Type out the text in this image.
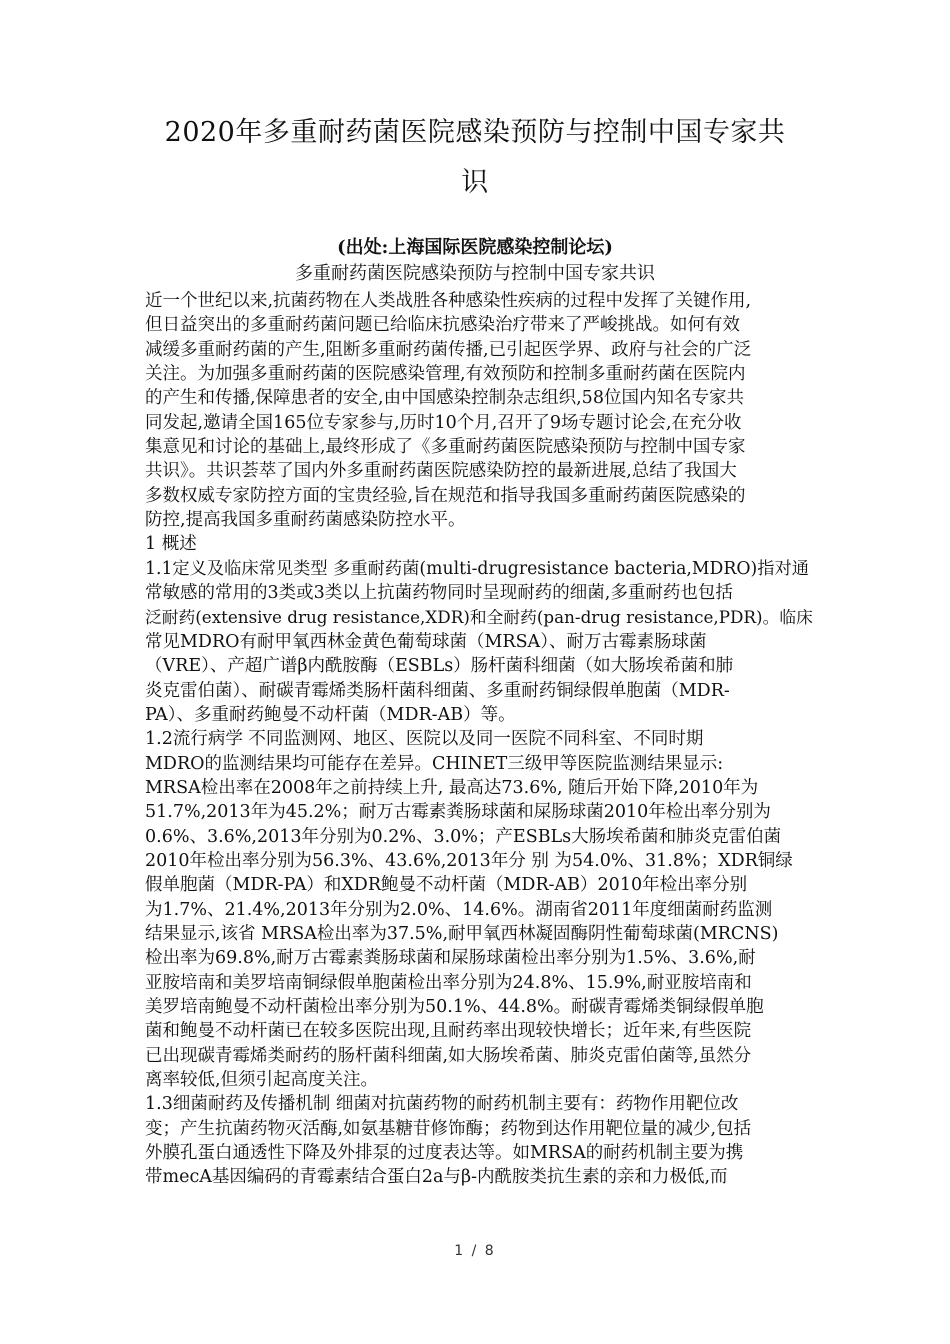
2020年多重耐药菌医院感染预防与控制中国专家共
识
(出处:上海国际医院感染控制论坛)
多重耐药菌医院感染预防与控制中国专家共识
近一个世纪以来,抗菌药物在人类战胜各种感染性疾病的过程中发挥了关键作用,
但日益突出的多重耐药菌问题已给临床抗感染治疗带来了严峻挑战。如何有效
减缓多重耐药菌的产生,阻断多重耐药菌传播,已引起医学界、政府与社会的广泛
关注。为加强多重耐药菌的医院感染管理,有效预防和控制多重耐药菌在医院内
的产生和传播,保障患者的安全,由中国感染控制杂志组织,58位国内知名专家共
同发起,邀请全国165位专家参与,历时10个月,召开了9场专题讨论会,在充分收
集意见和讨论的基础上,最终形成了《多重耐药菌医院感染预防与控制中国专家
共识》。共识荟萃了国内外多重耐药菌医院感染防控的最新进展,总结了我国大
多数权威专家防控方面的宝贵经验,旨在规范和指导我国多重耐药菌医院感染的
防控,提高我国多重耐药菌感染防控水平。
1 概述
1.1定义及临床常见类型 多重耐药菌(multi-drugresistance bacteria,MDRO)指对通
常敏感的常用的3类或3类以上抗菌药物同时呈现耐药的细菌,多重耐药也包括
泛耐药(extensive drug resistance,XDR)和全耐药(pan-drug resistance,PDR)。临床
常见MDRO有耐甲氧西林金黄色葡萄球菌（MRSA）、耐万古霉素肠球菌
（VRE）、产超广谱β内酰胺酶（ESBLs）肠杆菌科细菌（如大肠埃希菌和肺
炎克雷伯菌）、耐碳青霉烯类肠杆菌科细菌、多重耐药铜绿假单胞菌（MDR-
PA）、多重耐药鲍曼不动杆菌（MDR-AB）等。
1.2流行病学 不同监测网、地区、医院以及同一医院不同科室、不同时期
MDRO的监测结果均可能存在差异。CHINET三级甲等医院监测结果显示:
MRSA检出率在2008年之前持续上升, 最高达73.6%, 随后开始下降,2010年为
51.7%,2013年为45.2%；耐万古霉素粪肠球菌和屎肠球菌2010年检出率分别为
0.6%、3.6%,2013年分别为0.2%、3.0%；产ESBLs大肠埃希菌和肺炎克雷伯菌
2010年检出率分别为56.3%、43.6%,2013年分 别 为54.0%、31.8%；XDR铜绿
假单胞菌（MDR-PA）和XDR鲍曼不动杆菌（MDR-AB）2010年检出率分别
为1.7%、21.4%,2013年分别为2.0%、14.6%。湖南省2011年度细菌耐药监测
结果显示,该省 MRSA检出率为37.5%,耐甲氧西林凝固酶阴性葡萄球菌(MRCNS)
检出率为69.8%,耐万古霉素粪肠球菌和屎肠球菌检出率分别为1.5%、3.6%,耐
亚胺培南和美罗培南铜绿假单胞菌检出率分别为24.8%、15.9%,耐亚胺培南和
美罗培南鲍曼不动杆菌检出率分别为50.1%、44.8%。耐碳青霉烯类铜绿假单胞
菌和鲍曼不动杆菌已在较多医院出现,且耐药率出现较快增长；近年来,有些医院
已出现碳青霉烯类耐药的肠杆菌科细菌,如大肠埃希菌、肺炎克雷伯菌等,虽然分
离率较低,但须引起高度关注。
1.3细菌耐药及传播机制 细菌对抗菌药物的耐药机制主要有：药物作用靶位改
变；产生抗菌药物灭活酶,如氨基糖苷修饰酶；药物到达作用靶位量的减少,包括
外膜孔蛋白通透性下降及外排泵的过度表达等。如MRSA的耐药机制主要为携
带mecA基因编码的青霉素结合蛋白2a与β-内酰胺类抗生素的亲和力极低,而
1 / 8
